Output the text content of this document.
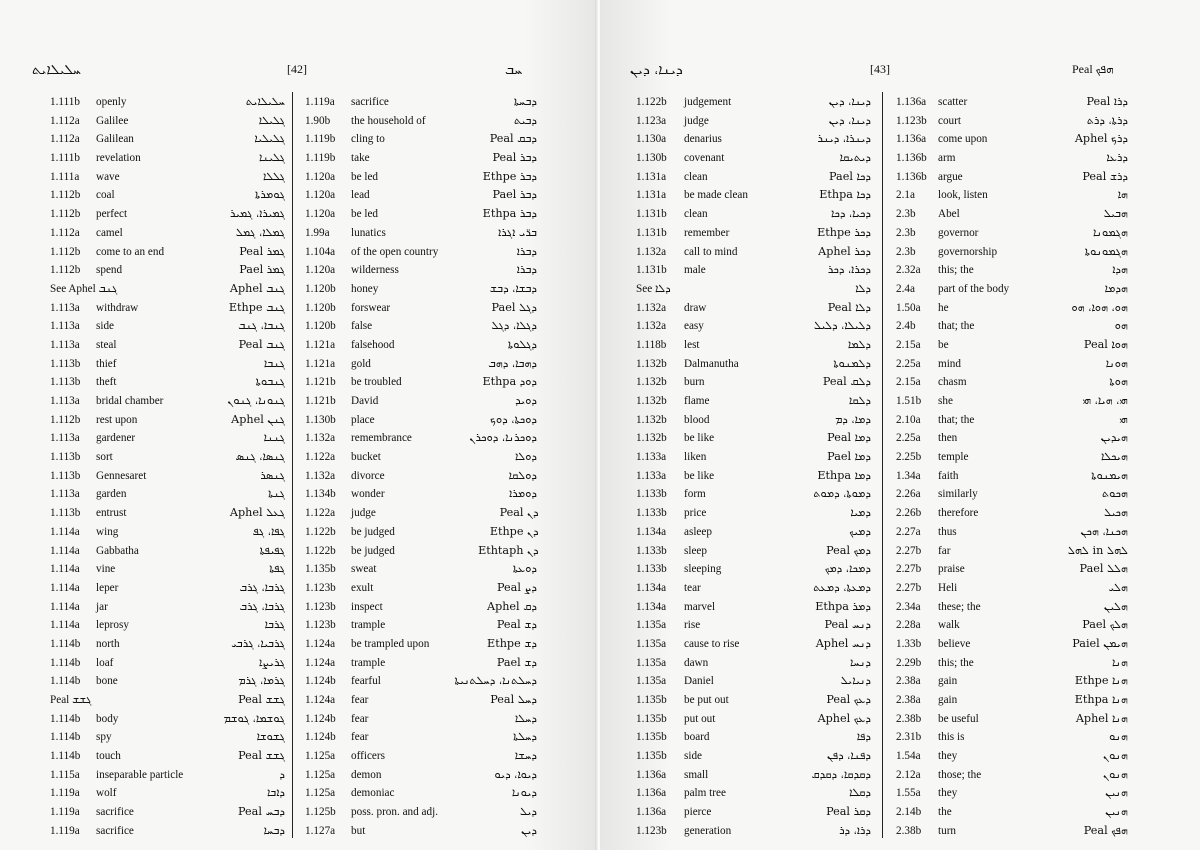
ܚܠܝܠܐܝܬ	[42]	ܚܒ
1.111b openly	ܚܠܝܠܐܝܬ
1.112a Galilee	ܓܠܝܠܐ
1.112a Galilean	ܓܠܝܠܝܐ
1.111b revelation	ܓܠܝܢܐ
1.111a wave	ܓܠܠܐ
1.112b coal	ܓܘܡܪܬܐ
1.112b perfect	ܓܡܝܪܐ، ܓܡܝܪ
1.112a camel	ܓܡܠܐ، ܓܡܠ
1.112b come to an end	Peal ܓܡܪ
1.112b spend	Pael ܓܡܪ
See Aphel ܓܢܒ	Aphel ܓܢܒ
1.113a withdraw	Ethpe ܓܢܒ
1.113a side	ܓܢܒܐ، ܓܢܒ
1.113a steal	Peal ܓܢܒ
1.113b thief	ܓܢܒܐ
1.113b theft	ܓܢܒܘܬܐ
1.113a bridal chamber	ܓܢܘܢܐ، ܓܢܘܢ
1.112b rest upon	Aphel ܓܢܢ
1.113a gardener	ܓܢܢܐ
1.113b sort	ܓܢܣܐ، ܓܢܣ
1.113b Gennesaret	ܓܢܣܪ
1.113a garden	ܓܢܬܐ
1.113b entrust	Aphel ܓܥܠ
1.114a wing	ܓܦܐ، ܓܦ
1.114a Gabbatha	ܓܦܝܦܬܐ
1.114a vine	ܓܦܬܐ
1.114a leper	ܓܪܒܐ، ܓܪܒ
1.114a jar	ܓܪܒܐ، ܓܪܒ
1.114a leprosy	ܓܪܒܐ
1.114b north	ܓܪܒܝܐ، ܓܪܒܝ
1.114b loaf	ܓܪܝܨܐ
1.114b bone	ܓܪܡܐ، ܓܪܡ
Peal ܓܫܫ	Peal ܓܫܫ
1.114b body	ܓܘܫܡܐ، ܓܘܫܡ
1.114b spy	ܓܫܘܫܐ
1.114b touch	Peal ܓܫܫ
1.115a inseparable particle	ܕ
1.119a wolf	ܕܐܒܐ
1.119a sacrifice	Peal ܕܒܚ
1.119a sacrifice	ܕܒܚܐ
1.119a sacrifice	ܕܒܚܬܐ
1.90b the household of	ܕܒܝܬ
1.119b cling to	Peal ܕܒܩ
1.119b take	Peal ܕܒܪ
1.120a be led	Ethpe ܕܒܪ
1.120a lead	Pael ܕܒܪ
1.120a be led	Ethpa ܕܒܪ
1.99a lunatics	ܒܪ̈ܝ ܐܓܪܐ
1.104a of the open country	ܕܒܪܐ
1.120a wilderness	ܕܒܪܐ
1.120b honey	ܕܒܫܐ، ܕܒܫ
1.120b forswear	Pael ܕܓܠ
1.120b false	ܕܓܠܐ، ܕܓܠ
1.121a falsehood	ܕܓܠܘܬܐ
1.121a gold	ܕܗܒܐ، ܕܗܒ
1.121b be troubled	Ethpa ܕܘܕ
1.121b David	ܕܘܝܕ
1.130b place	ܕܘܟܬܐ، ܕܘܟ
1.132a remembrance	ܕܘܟܪܢܐ، ܕܘܟܪܢ
1.122a bucket	ܕܘܠܐ
1.132a divorce	ܕܘܠܩܐ
1.134b wonder	ܕܘܡܪܐ
1.122a judge	Peal ܕܢ
1.122b be judged	Ethpe ܕܢ
1.122b be judged	Ethtaph ܕܢ
1.135b sweat	ܕܘܥܬܐ
1.123b exult	Peal ܕܨ
1.123b inspect	Aphel ܕܩ
1.123b trample	Peal ܕܫ
1.124a be trampled upon	Ethpe ܕܫ
1.124a trample	Pael ܕܫ
1.124b fearful	ܕܚܠܬܢܐ، ܕܚܠܬܢܝܬܐ
1.124a fear	Peal ܕܚܠ
1.124b fear	ܕܚܠܐ
1.124b fear	ܕܚܠܬܐ
1.125a officers	ܕܚܫܐ
1.125a demon	ܕܝܘܐ، ܕܝܘ
1.125a demoniac	ܕܝܘܢܐ
1.125b poss. pron. and adj.	ܕܝܠ
1.127a but	ܕܝܢ
ܕܝܢܐ، ܕܝܢ	[43]	Peal ܗܦܟ
1.122b judgement	ܕܝܢܐ، ܕܝܢ
1.123a judge	ܕܝܢܐ، ܕܝܢ
1.130a denarius	ܕܝܢܪܐ، ܕܝܢܪ
1.130b covenant	ܕܝܬܝܩܐ
1.131a clean	Pael ܕܟܐ
1.131a be made clean	Ethpa ܕܟܐ
1.131b clean	ܕܟܝܐ، ܕܟܐ
1.131b remember	Ethpe ܕܟܪ
1.132a call to mind	Aphel ܕܟܪ
1.131b male	ܕܟܪܐ، ܕܟܪ
See ܕܠܐ	ܕܠܐ
1.132a draw	Peal ܕܠܐ
1.132a easy	ܕܠܝܠܐ، ܕܠܝܠ
1.118b lest	ܕܠܡܐ
1.132b Dalmanutha	ܕܠܡܢܘܬܐ
1.132b burn	Peal ܕܠܩ
1.132b flame	ܕܠܩܐ
1.132b blood	ܕܡܐ، ܕܡ
1.132b be like	Peal ܕܡܐ
1.133a liken	Pael ܕܡܐ
1.133a be like	Ethpa ܕܡܐ
1.133b form	ܕܡܘܬܐ، ܕܡܘܬ
1.133b price	ܕܡܝܐ
1.134a asleep	ܕܡܝܟ
1.133b sleep	Peal ܕܡܟ
1.133b sleeping	ܕܡܟܐ، ܕܡܟ
1.134a tear	ܕܡܥܬܐ، ܕܡܥܬ
1.134a marvel	Ethpa ܕܡܪ
1.135a rise	Peal ܕܢܚ
1.135a cause to rise	Aphel ܕܢܚ
1.135a dawn	ܕܢܚܐ
1.135a Daniel	ܕܢܝܐܝܠ
1.135b be put out	Peal ܕܥܟ
1.135b put out	Aphel ܕܥܟ
1.135b board	ܕܦܐ
1.135b side	ܕܦܢܐ، ܕܦܢ
1.136a small	ܕܩܕܩܐ، ܕܩܕܩ
1.136a palm tree	ܕܩܠܐ
1.136a pierce	Peal ܕܩܪ
1.123b generation	ܕܪܐ، ܕܪ
1.136a scatter	Peal ܕܪܐ
1.123b court	ܕܪܬܐ، ܕܪܬ
1.136a come upon	Aphel ܕܪܟ
1.136b arm	ܕܪܥܐ
1.136b argue	Peal ܕܪܫ
2.1a look, listen	ܗܐ
2.3b Abel	ܗܒܝܠ
2.3b governor	ܗܓܡܘܢܐ
2.3b governorship	ܗܓܡܘܢܘܬܐ
2.32a this; the	ܗܕܐ
2.4a part of the body	ܗܕܡܐ
1.50a he	ܗܘ، ܗܘܐ، ܗܘ
2.4b that; the	ܗܘ
2.15a be	Peal ܗܘܐ
2.25a mind	ܗܘܢܐ
2.15a chasm	ܗܘܬܐ
1.51b she	ܗܝ، ܗܝܐ، ܗܝ
2.10a that; the	ܗܝ
2.25a then	ܗܝܕܝܢ
2.25b temple	ܗܝܟܠܐ
1.34a faith	ܗܝܡܢܘܬܐ
2.26a similarly	ܗܟܘܬ
2.26b therefore	ܗܟܝܠ
2.27a thus	ܗܟܢܐ، ܗܟܢ
2.27b far	ܠܗܠ in ܠܗܠ
2.27b praise	Pael ܗܠܠ
2.27b Heli	ܗܠܝ
2.34a these; the	ܗܠܝܢ
2.28a walk	Pael ܗܠܟ
1.33b believe	Paiel ܗܝܡܢ
2.29b this; the	ܗܢܐ
2.38a gain	Ethpe ܗܢܐ
2.38a gain	Ethpa ܗܢܐ
2.38b be useful	Aphel ܗܢܐ
2.31b this is	ܗܢܘ
1.54a they	ܗܢܘܢ
2.12a those; the	ܗܢܘܢ
1.55a they	ܗܢܝܢ
2.14b the	ܗܢܝܢ
2.38b turn	Peal ܗܦܟ
